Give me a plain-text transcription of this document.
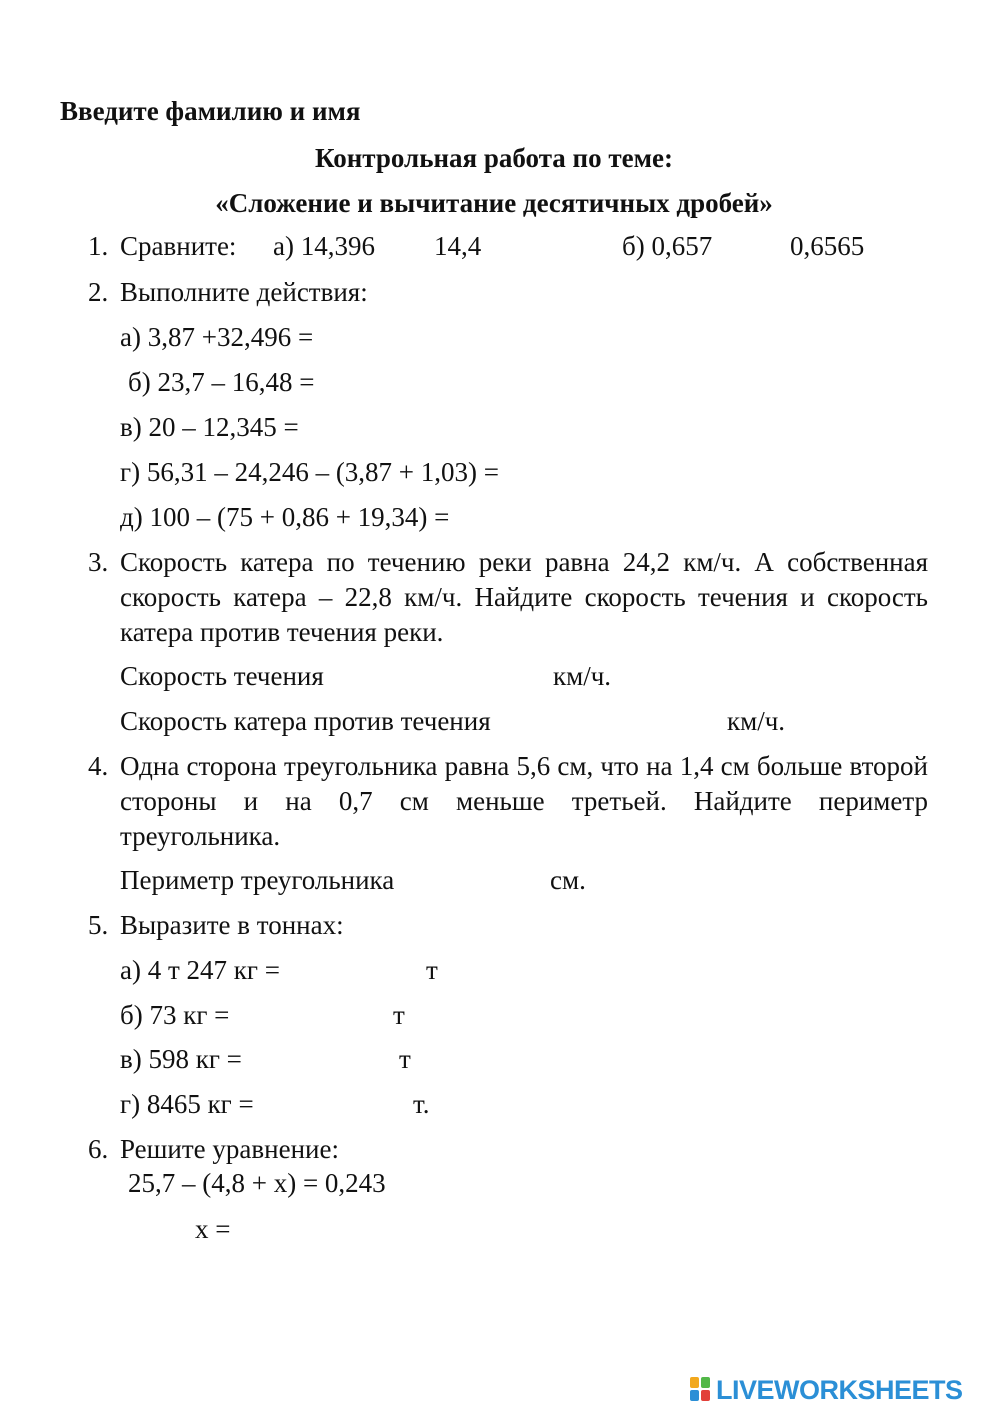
Введите фамилию и имя
Контрольная работа по теме:
«Сложение и вычитание десятичных дробей»
1. Сравните: а) 14,396 14,4	б) 0,657	0,6565
2. Выполните действия:
а) 3,87 +32,496 =
б) 23,7 – 16,48 =
в) 20 – 12,345 =
г) 56,31 – 24,246 – (3,87 + 1,03) =
д) 100 – (75 + 0,86 + 19,34) =
3. Скорость катера по течению реки равна 24,2 км/ч. А собственная скорость катера – 22,8 км/ч. Найдите скорость течения и скорость катера против течения реки.
Скорость течения	км/ч.
Скорость катера против течения	км/ч.
4. Одна сторона треугольника равна 5,6 см, что на 1,4 см больше второй стороны и на 0,7 см меньше третьей. Найдите периметр треугольника.
Периметр треугольника	см.
5. Выразите в тоннах:
а) 4 т 247 кг =	т
б) 73 кг =	т
в) 598 кг =	т
г) 8465 кг =	т.
6. Решите уравнение:
25,7 – (4,8 + x) = 0,243
x =
LIVEWORKSHEETS
